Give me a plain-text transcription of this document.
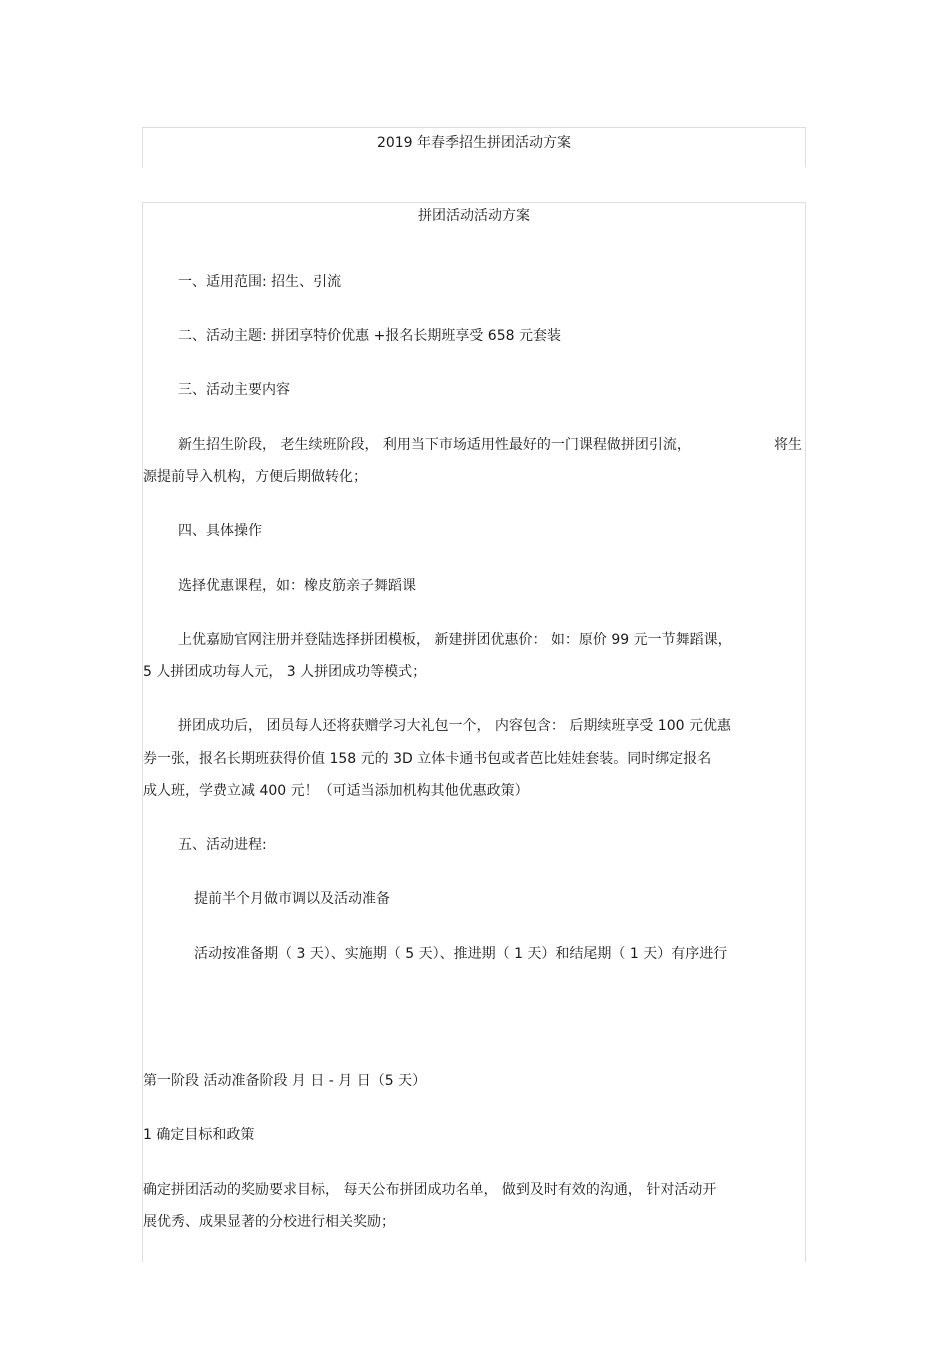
2019 年春季招生拼团活动方案
拼团活动活动方案
一、适用范围: 招生、引流
二、活动主题: 拼团享特价优惠 +报名长期班享受 658 元套装
三、活动主要内容
新生招生阶段， 老生续班阶段， 利用当下市场适用性最好的一门课程做拼团引流，	将生
源提前导入机构，方便后期做转化；
四、具体操作
选择优惠课程，如：橡皮筋亲子舞蹈课
上优嘉励官网注册并登陆选择拼团模板， 新建拼团优惠价： 如：原价 99 元一节舞蹈课，
5 人拼团成功每人元， 3 人拼团成功等模式；
拼团成功后， 团员每人还将获赠学习大礼包一个， 内容包含： 后期续班享受 100 元优惠
券一张，报名长期班获得价值 158 元的 3D 立体卡通书包或者芭比娃娃套装。同时绑定报名
成人班，学费立减 400 元！（可适当添加机构其他优惠政策）
五、活动进程:
提前半个月做市调以及活动准备
活动按准备期（ 3 天）、实施期（ 5 天）、推进期（ 1 天）和结尾期（ 1 天）有序进行
第一阶段 活动准备阶段 月 日 - 月 日（5 天）
1 确定目标和政策
确定拼团活动的奖励要求目标， 每天公布拼团成功名单， 做到及时有效的沟通， 针对活动开
展优秀、成果显著的分校进行相关奖励；
